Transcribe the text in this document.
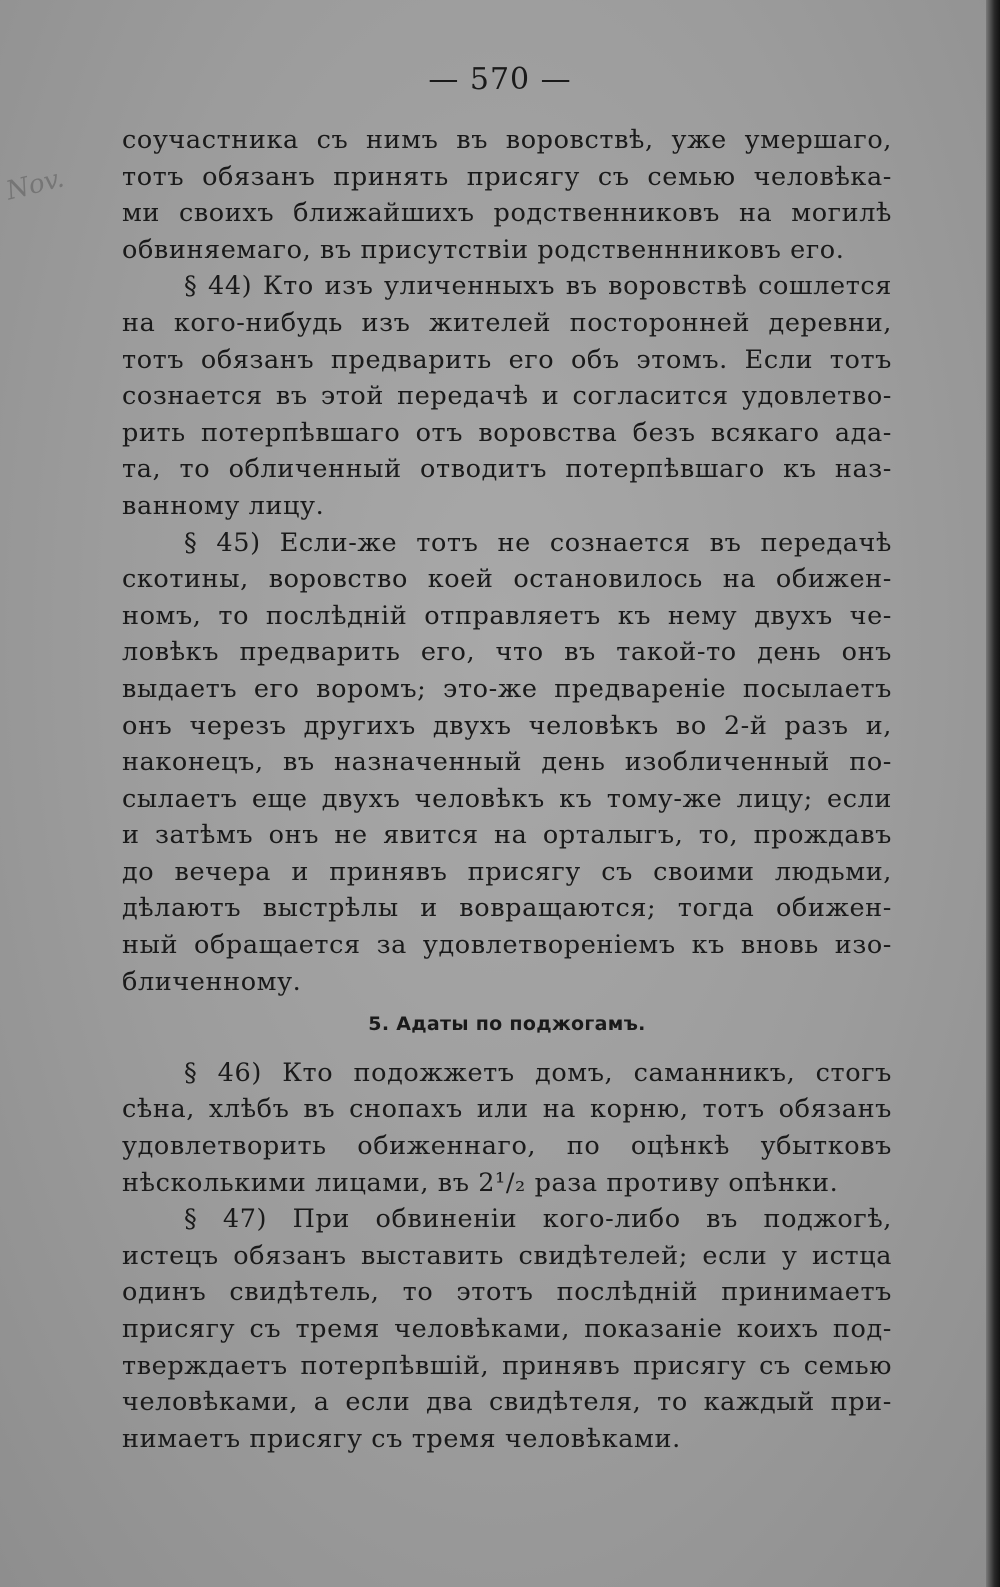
Nov.
— 570 —
соучастника съ нимъ въ воровствѣ, уже умершаго,
тотъ обязанъ принять присягу съ семью человѣка-
ми своихъ ближайшихъ родственниковъ на могилѣ
обвиняемаго, въ присутствіи родственнниковъ его.
§ 44) Кто изъ уличенныхъ въ воровствѣ сошлется
на кого-нибудь изъ жителей посторонней деревни,
тотъ обязанъ предварить его объ этомъ. Если тотъ
сознается въ этой передачѣ и согласится удовлетво-
рить потерпѣвшаго отъ воровства безъ всякаго ада-
та, то обличенный отводитъ потерпѣвшаго къ наз-
ванному лицу.
§ 45) Если-же тотъ не сознается въ передачѣ
скотины, воровство коей остановилось на обижен-
номъ, то послѣдній отправляетъ къ нему двухъ че-
ловѣкъ предварить его, что въ такой-то день онъ
выдаетъ его воромъ; это-же предвареніе посылаетъ
онъ черезъ другихъ двухъ человѣкъ во 2-й разъ и,
наконецъ, въ назначенный день изобличенный по-
сылаетъ еще двухъ человѣкъ къ тому-же лицу; если
и затѣмъ онъ не явится на орталыгъ, то, прождавъ
до вечера и принявъ присягу съ своими людьми,
дѣлаютъ выстрѣлы и вовращаются; тогда обижен-
ный обращается за удовлетвореніемъ къ вновь изо-
бличенному.
5. Адаты по поджогамъ.
§ 46) Кто подожжетъ домъ, саманникъ, стогъ
сѣна, хлѣбъ въ снопахъ или на корню, тотъ обязанъ
удовлетворить обиженнаго, по оцѣнкѣ убытковъ
нѣсколькими лицами, въ 2¹/₂ раза противу опѣнки.
§ 47) При обвиненіи кого-либо въ поджогѣ,
истецъ обязанъ выставить свидѣтелей; если у истца
одинъ свидѣтель, то этотъ послѣдній принимаетъ
присягу съ тремя человѣками, показаніе коихъ под-
тверждаетъ потерпѣвшій, принявъ присягу съ семью
человѣками, а если два свидѣтеля, то каждый при-
нимаетъ присягу съ тремя человѣками.
